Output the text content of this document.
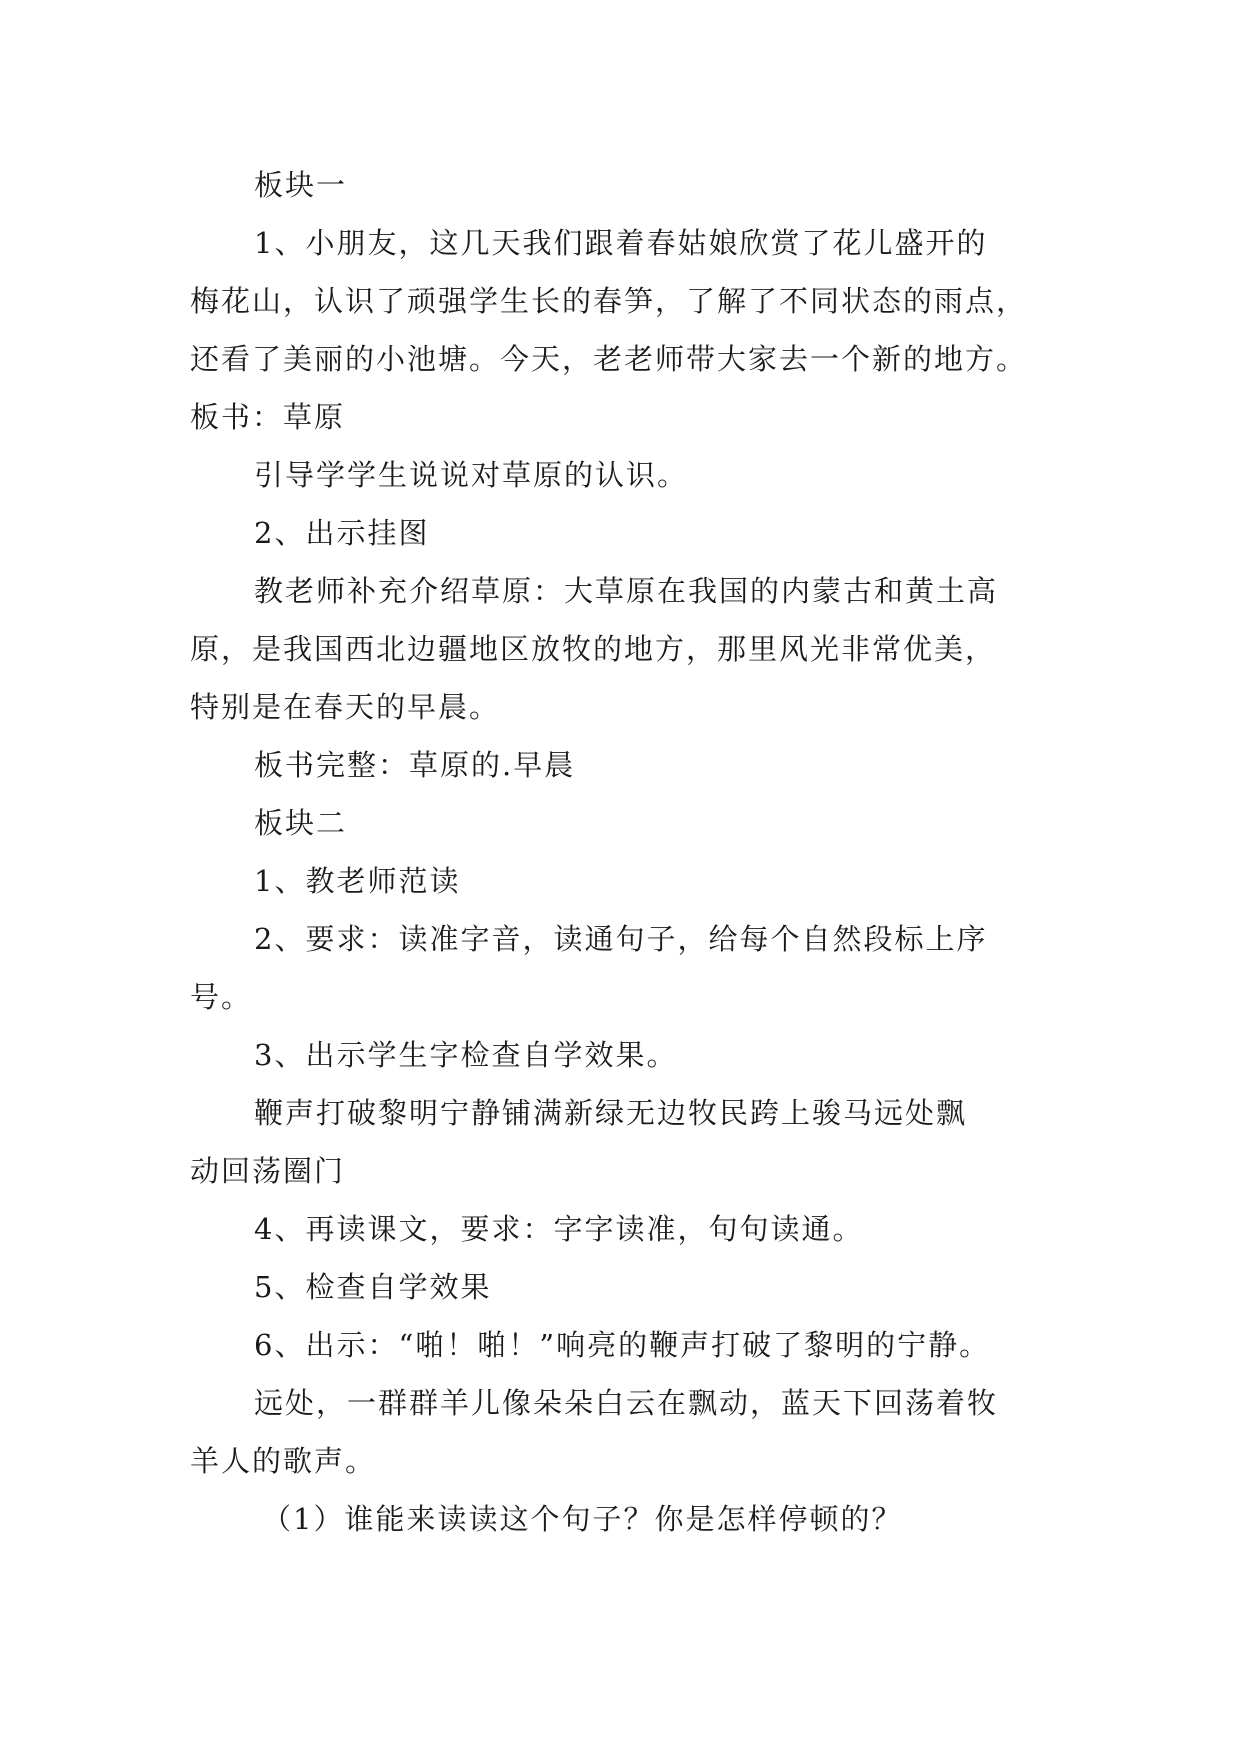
板块一
1、小朋友，这几天我们跟着春姑娘欣赏了花儿盛开的
梅花山，认识了顽强学生长的春笋，了解了不同状态的雨点，
还看了美丽的小池塘。今天，老老师带大家去一个新的地方。
板书：草原
引导学学生说说对草原的认识。
2、出示挂图
教老师补充介绍草原：大草原在我国的内蒙古和黄土高
原，是我国西北边疆地区放牧的地方，那里风光非常优美，
特别是在春天的早晨。
板书完整：草原的.早晨
板块二
1、教老师范读
2、要求：读准字音，读通句子，给每个自然段标上序
号。
3、出示学生字检查自学效果。
鞭声打破黎明宁静铺满新绿无边牧民跨上骏马远处飘
动回荡圈门
4、再读课文，要求：字字读准，句句读通。
5、检查自学效果
6、出示：“啪！啪！”响亮的鞭声打破了黎明的宁静。
远处，一群群羊儿像朵朵白云在飘动，蓝天下回荡着牧
羊人的歌声。
（1）谁能来读读这个句子？你是怎样停顿的？
